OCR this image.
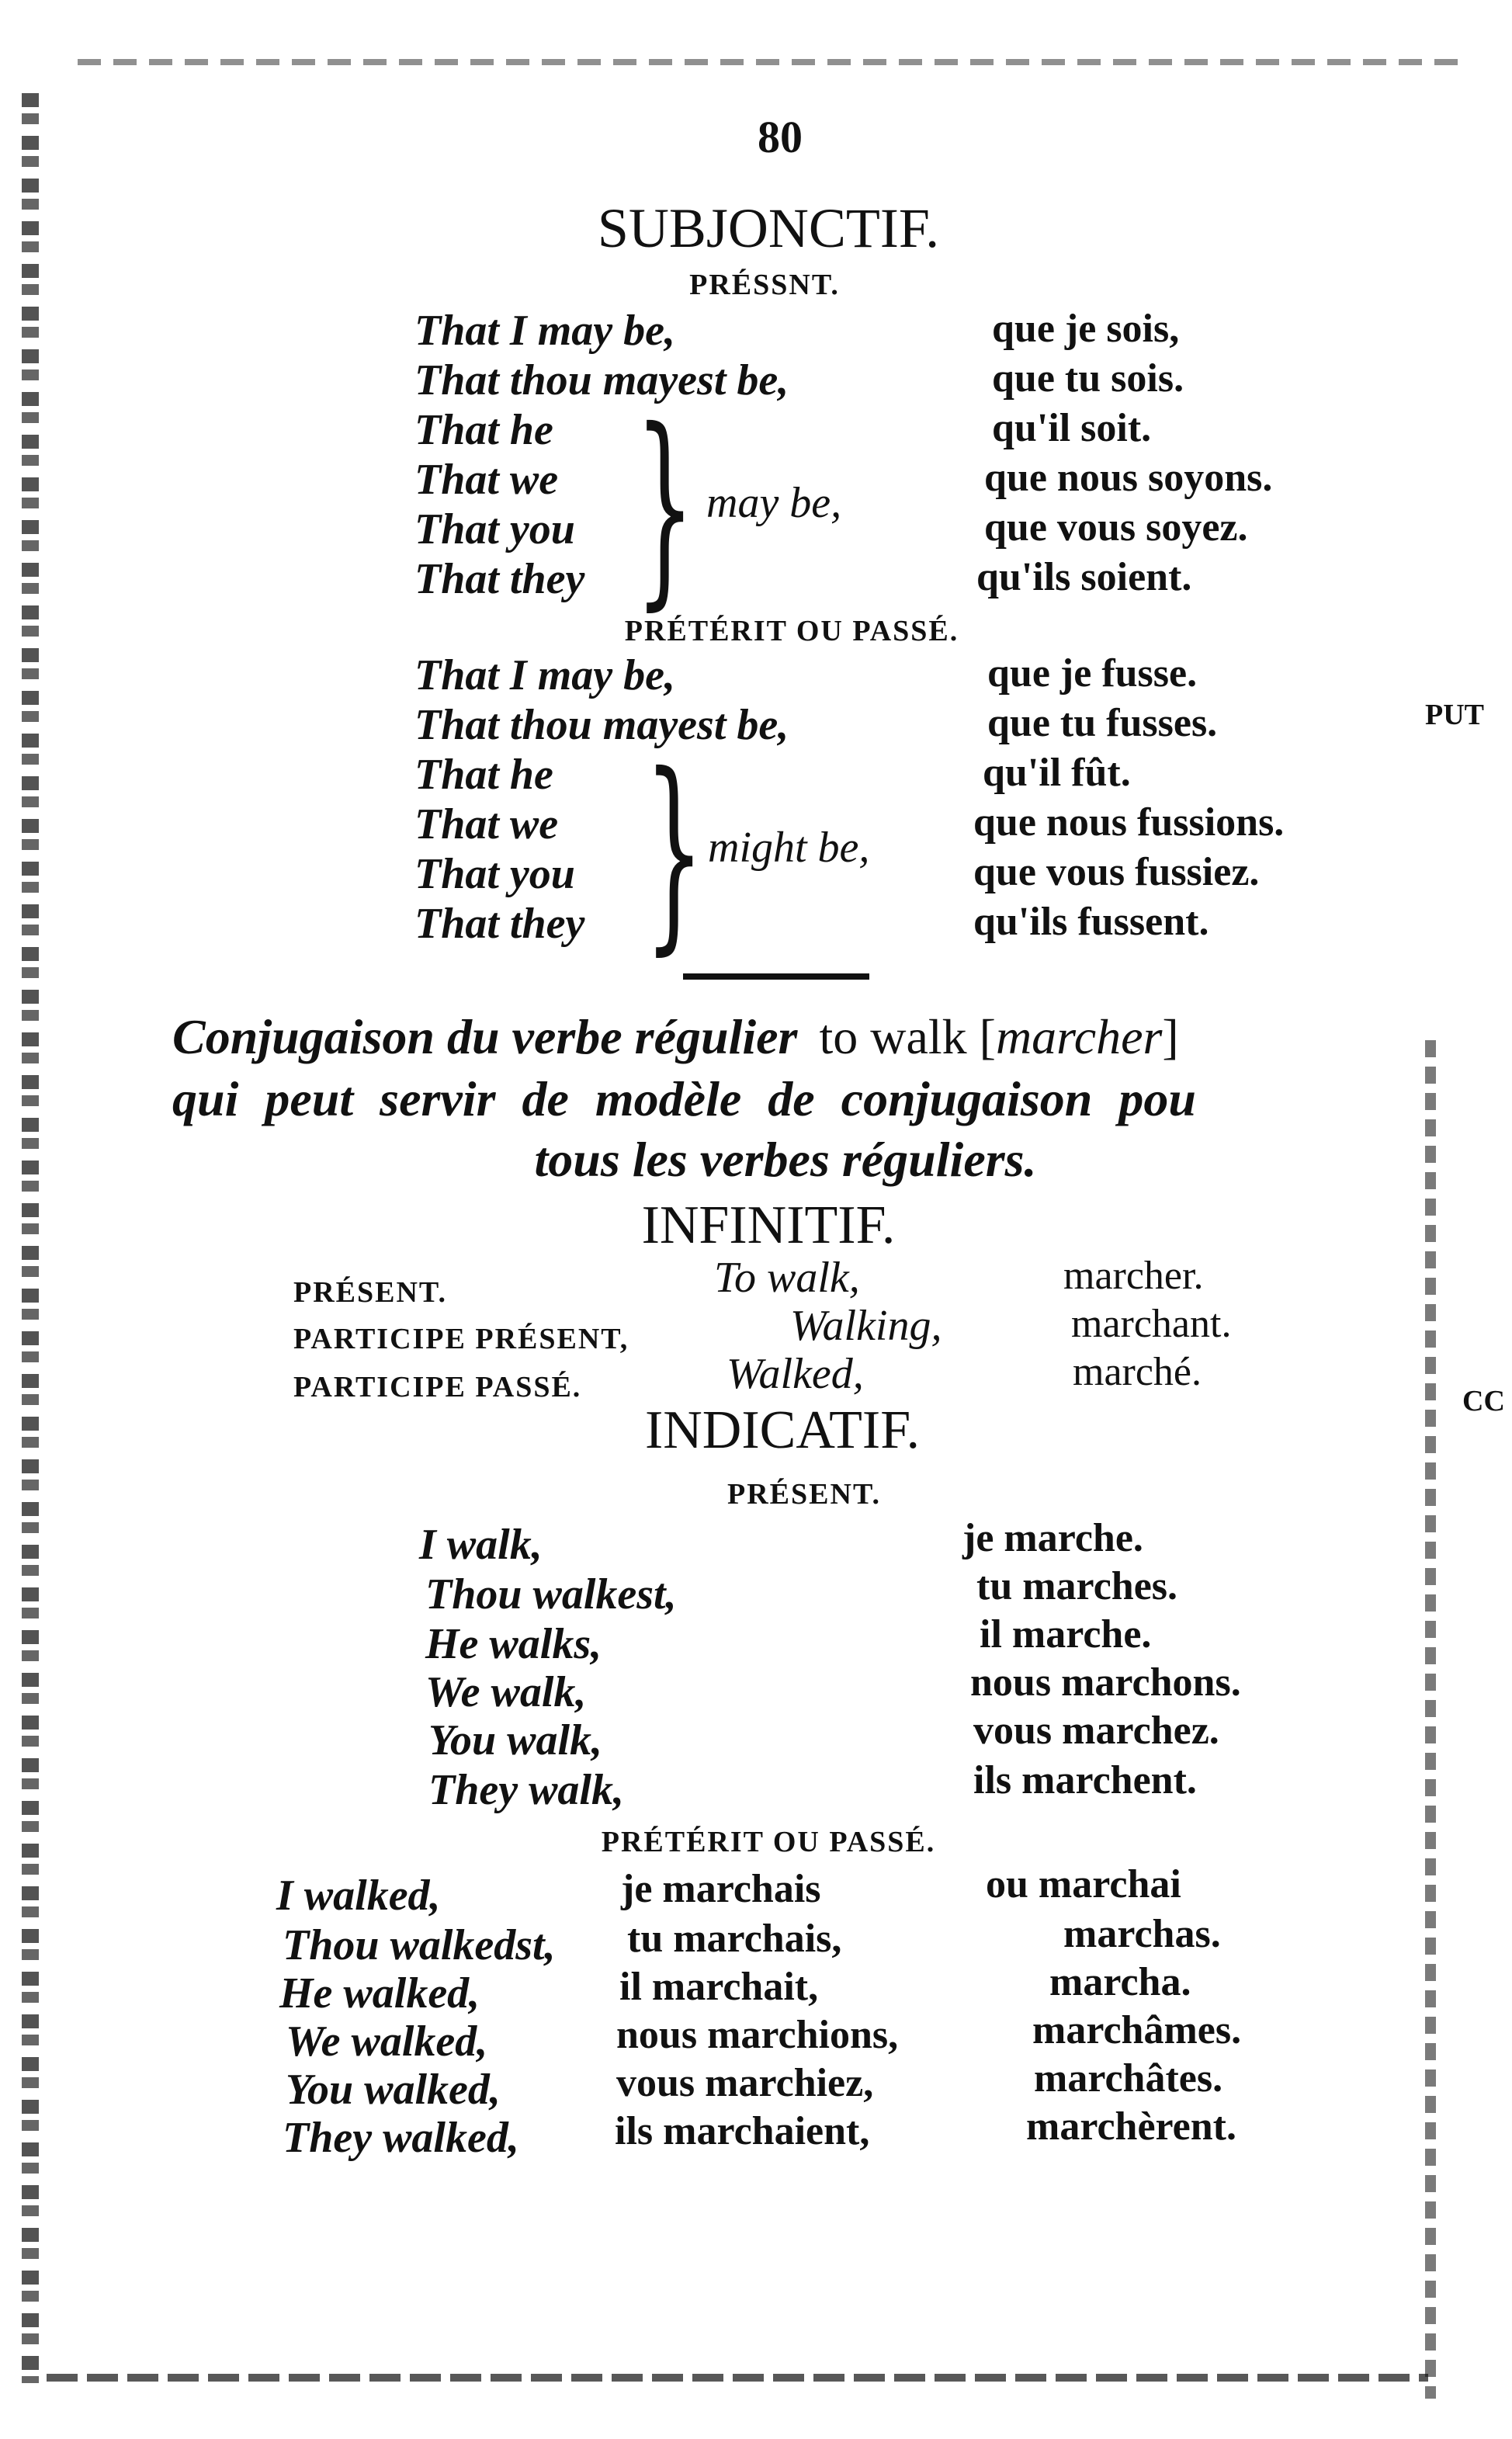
80
SUBJONCTIF.
PRÉSSNT.
That I may be,	que je sois,
That thou mayest be,	que tu sois.
That he	qu'il soit.
That we	que nous soyons.
That you	que vous soyez.
That they	qu'ils soient.
} may be,
PRÉTÉRIT OU PASSÉ.
That I may be,	que je fusse.
That thou mayest be,	que tu fusses.
That he	qu'il fût.
That we	que nous fussions.
That you	que vous fussiez.
That they	qu'ils fussent.
} might be,
Conjugaison du verbe régulier to walk [marcher]
qui peut servir de modèle de conjugaison pou
tous les verbes réguliers.
INFINITIF.
PRÉSENT.	To walk,	marcher.
PARTICIPE PRÉSENT,	Walking,	marchant.
PARTICIPE PASSÉ.	Walked,	marché.
INDICATIF.
PRÉSENT.
I walk,	je marche.
Thou walkest,	tu marches.
He walks,	il marche.
We walk,	nous marchons.
You walk,	vous marchez.
They walk,	ils marchent.
PRÉTÉRIT OU PASSÉ.
I walked,	je marchais	ou marchai
Thou walkedst, tu marchais,	marchas.
He walked,	il marchait,	marcha.
We walked,	nous marchions,	marchâmes.
You walked,	vous marchiez,	marchâtes.
They walked, ils marchaient,	marchèrent.
PUT
CC
